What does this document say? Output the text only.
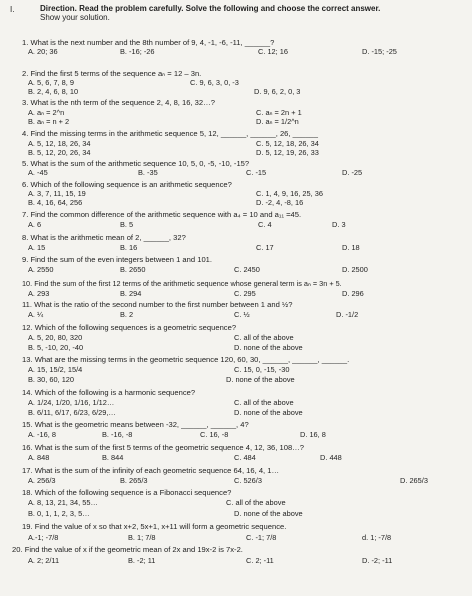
I.	Direction. Read the problem carefully. Solve the following and choose the correct answer.
Show your solution.
1. What is the next number and the 8th number of 9, 4, -1, -6, -11, ______?
A. 20; 36	B. -16; -26	C. 12; 16	D. -15; -25
2. Find the first 5 terms of the sequence aₙ = 12 – 3n.
A. 5, 6, 7, 8, 9	C. 9, 6, 3, 0, -3
B. 2, 4, 6, 8, 10	D. 9, 6, 2, 0, 3
3. What is the nth term of the sequence 2, 4, 8, 16, 32…?
A. aₙ = 2^n	C. aₙ = 2n + 1
B. aₙ = n + 2	D. aₙ = 1/2^n
4. Find the missing terms in the arithmetic sequence 5, 12, ______, ______, 26, ______
A. 5, 12, 18, 26, 34	C. 5, 12, 18, 26, 34
B. 5, 12, 20, 26, 34	D. 5, 12, 19, 26, 33
5. What is the sum of the arithmetic sequence 10, 5, 0, -5, -10, -15?
A. -45	B. -35	C. -15	D. -25
6. Which of the following sequence is an arithmetic sequence?
A. 3, 7, 11, 15, 19	C. 1, 4, 9, 16, 25, 36
B. 4, 16, 64, 256	D. -2, 4, -8, 16
7. Find the common difference of the arithmetic sequence with a₄ = 10 and a₁₁ =45.
A. 6	B. 5	C. 4	D. 3
8. What is the arithmetic mean of 2, ______, 32?
A. 15	B. 16	C. 17	D. 18
9. Find the sum of the even integers between 1 and 101.
A. 2550	B. 2650	C. 2450	D. 2500
10. Find the sum of the first 12 terms of the arithmetic sequence whose general term is aₙ = 3n + 5.
A. 293	B. 294	C. 295	D. 296
11. What is the ratio of the second number to the first number between 1 and ½?
A. ¼	B. 2	C. ½	D. -1/2
12. Which of the following sequences is a geometric sequence?
A. 5, 20, 80, 320	C. all of the above
B. 5, -10, 20, -40	D. none of the above
13. What are the missing terms in the geometric sequence 120, 60, 30, ______, ______, ______.
A. 15, 15/2, 15/4	C. 15, 0, -15, -30
B. 30, 60, 120	D. none of the above
14. Which of the following is a harmonic sequence?
A. 1/24, 1/20, 1/16, 1/12…	C. all of the above
B. 6/11, 6/17, 6/23, 6/29,…	D. none of the above
15. What is the geometric means between -32, ______, ______, 4?
A. -16, 8	B. -16, -8	C. 16, -8	D. 16, 8
16. What is the sum of the first 5 terms of the geometric sequence 4, 12, 36, 108…?
A. 848	B. 844	C. 484	D. 448
17. What is the sum of the infinity of each geometric sequence 64, 16, 4, 1…
A. 256/3	B. 265/3	C. 526/3	D. 265/3
18. Which of the following sequence is a Fibonacci sequence?
A. 8, 13, 21, 34, 55…	C. all of the above
B. 0, 1, 1, 2, 3, 5…	D. none of the above
19. Find the value of x so that x+2, 5x+1, x+11 will form a geometric sequence.
A.-1; -7/8	B. 1; 7/8	C. -1; 7/8	d. 1; -7/8
20. Find the value of x if the geometric mean of 2x and 19x-2 is 7x-2.
A. 2; 2/11	B. -2; 11	C. 2; -11	D. -2; -11
